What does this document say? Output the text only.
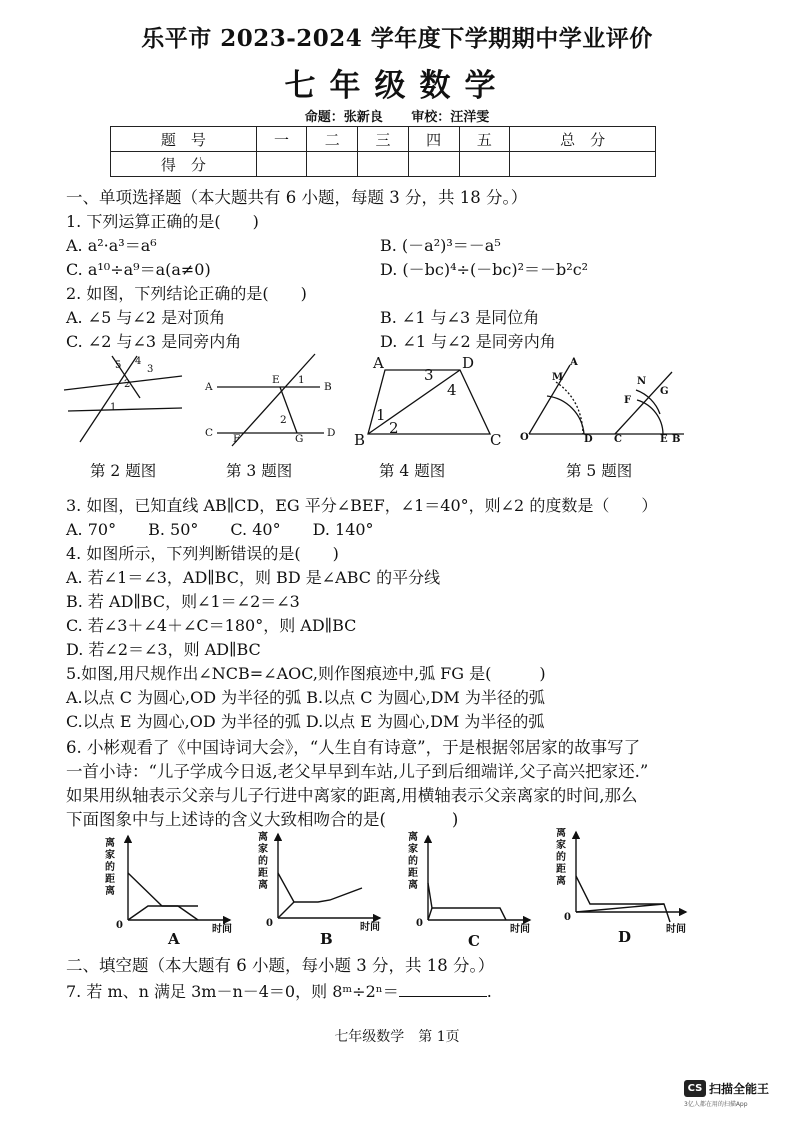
乐平市 2023-2024 学年度下学期期中学业评价
七年级数学
命题：张新良 审校：汪洋雯
题　号	一	二	三	四	五	总　分
得　分						
一、单项选择题（本大题共有 6 小题，每题 3 分，共 18 分。）
1. 下列运算正确的是(　　)
A. a²·a³＝a⁶	B. (－a²)³＝－a⁵
C. a¹⁰÷a⁹＝a(a≠0)	D. (－bc)⁴÷(－bc)²＝－b²c²
2. 如图，下列结论正确的是(　　)
A. ∠5 与∠2 是对顶角	B. ∠1 与∠3 是同位角
C. ∠2 与∠3 是同旁内角	D. ∠1 与∠2 是同旁内角
5 4
3
2
1
A
E 1
B
2
C F	G D
A	D
3
4
1
2
B	C O
M
A
D C
F
N
G
E B
第 2 题图	第 3 题图	第 4 题图	第 5 题图
3. 如图，已知直线 AB∥CD，EG 平分∠BEF，∠1＝40°，则∠2 的度数是（　　）
A. 70°　　B. 50°　　C. 40°　　D. 140°
4. 如图所示，下列判断错误的是(　　)
A. 若∠1＝∠3，AD∥BC，则 BD 是∠ABC 的平分线
B. 若 AD∥BC，则∠1＝∠2＝∠3
C. 若∠3＋∠4＋∠C＝180°，则 AD∥BC
D. 若∠2＝∠3，则 AD∥BC
5.如图,用尺规作出∠NCB=∠AOC,则作图痕迹中,弧 FG 是(　　　)
A.以点 C 为圆心,OD 为半径的弧 B.以点 C 为圆心,DM 为半径的弧
C.以点 E 为圆心,OD 为半径的弧 D.以点 E 为圆心,DM 为半径的弧
6. 小彬观看了《中国诗词大会》，“人生自有诗意”，于是根据邻居家的故事写了
一首小诗：“儿子学成今日返,老父早早到车站,儿子到后细端详,父子高兴把家还.”
如果用纵轴表示父亲与儿子行进中离家的距离,用横轴表示父亲离家的时间,那么
下面图象中与上述诗的含义大致相吻合的是(　　　　)
离
家
的
距
离
0	时间
A
离
家
的
距
离
0	时间
B
离
家
的
距
离
0
时间
C
离
家
的
距
离
0
时间
D
二、填空题（本大题有 6 小题，每小题 3 分，共 18 分。）
7. 若 m、n 满足 3m－n－4＝0，则 8ᵐ÷2ⁿ＝	.
七年级数学　第 1页
CS 扫描全能王
3亿人都在用的扫描App
